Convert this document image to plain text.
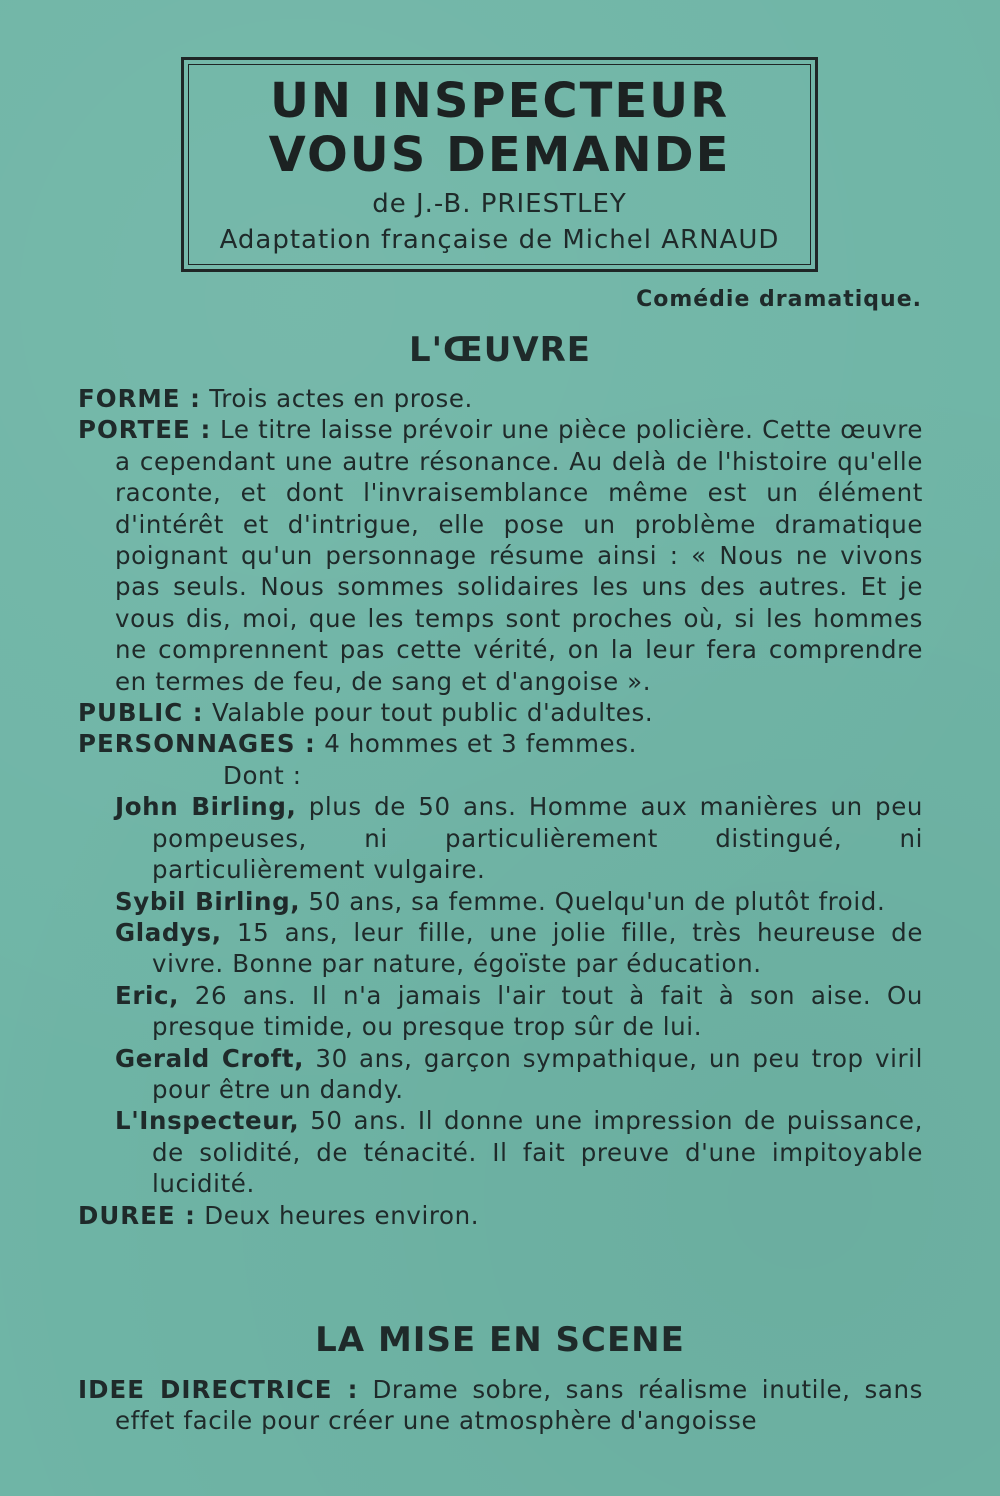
UN INSPECTEUR
VOUS DEMANDE
de J.-B. PRIESTLEY
Adaptation française de Michel ARNAUD
Comédie dramatique.
L'ŒUVRE
FORME : Trois actes en prose.
PORTEE : Le titre laisse prévoir une pièce policière. Cette œuvre a cependant une autre résonance. Au delà de l'histoire qu'elle raconte, et dont l'invraisemblance même est un élément d'intérêt et d'intrigue, elle pose un problème dramatique poignant qu'un personnage résume ainsi : « Nous ne vivons pas seuls. Nous sommes solidaires les uns des autres. Et je vous dis, moi, que les temps sont proches où, si les hommes ne comprennent pas cette vérité, on la leur fera comprendre en termes de feu, de sang et d'angoise ».
PUBLIC : Valable pour tout public d'adultes.
PERSONNAGES : 4 hommes et 3 femmes.
Dont :
John Birling, plus de 50 ans. Homme aux manières un peu pompeuses, ni particulièrement distingué, ni particulièrement vulgaire.
Sybil Birling, 50 ans, sa femme. Quelqu'un de plutôt froid.
Gladys, 15 ans, leur fille, une jolie fille, très heureuse de vivre. Bonne par nature, égoïste par éducation.
Eric, 26 ans. Il n'a jamais l'air tout à fait à son aise. Ou presque timide, ou presque trop sûr de lui.
Gerald Croft, 30 ans, garçon sympathique, un peu trop viril pour être un dandy.
L'Inspecteur, 50 ans. Il donne une impression de puissance, de solidité, de ténacité. Il fait preuve d'une impitoyable lucidité.
DUREE : Deux heures environ.
LA MISE EN SCENE
IDEE DIRECTRICE : Drame sobre, sans réalisme inutile, sans effet facile pour créer une atmosphère d'angoisse
